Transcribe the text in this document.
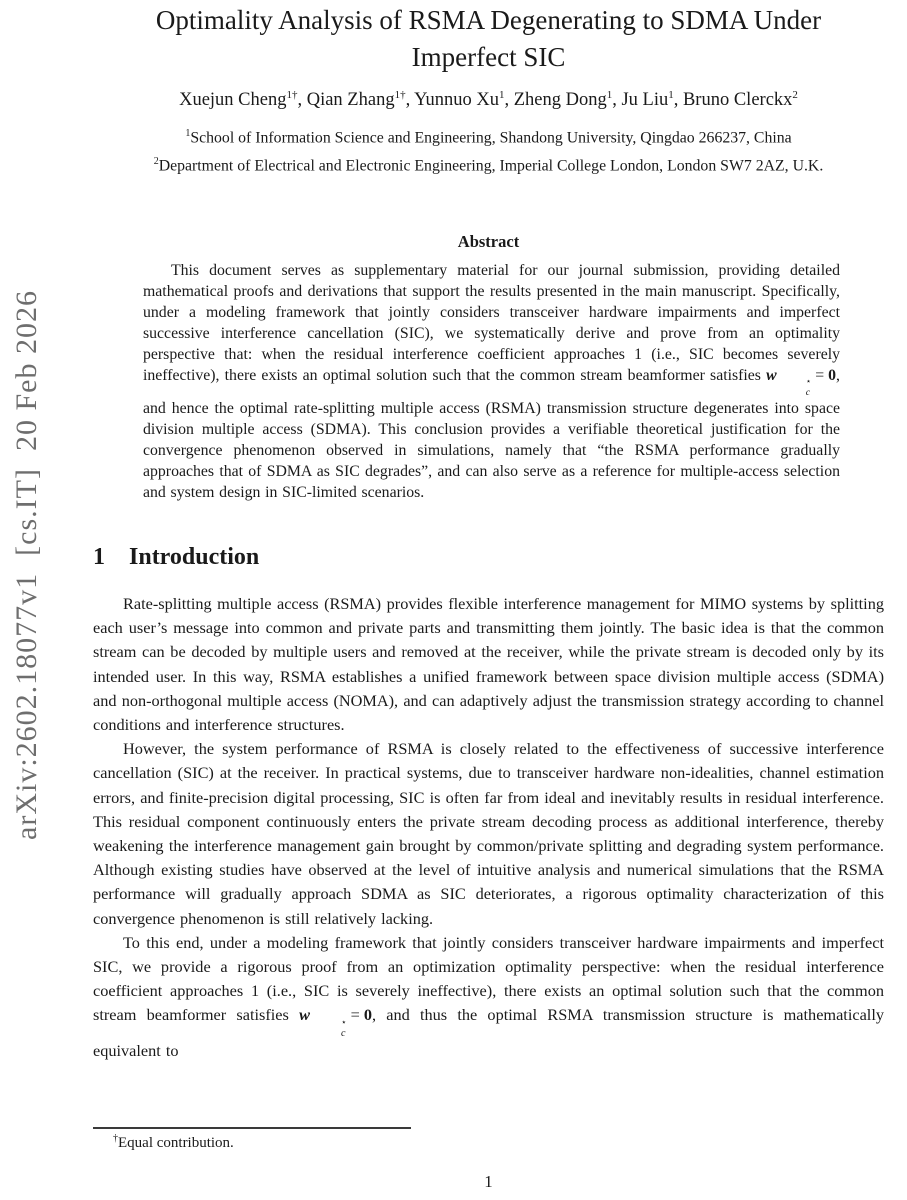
arXiv:2602.18077v1  [cs.IT]  20 Feb 2026
Optimality Analysis of RSMA Degenerating to SDMA Under
Imperfect SIC
Xuejun Cheng$^{1\dagger}$, Qian Zhang$^{1\dagger}$, Yunnuo Xu$^1$, Zheng Dong$^1$, Ju Liu$^1$, Bruno Clerckx$^2$
$^1$School of Information Science and Engineering, Shandong University, Qingdao 266237, China
$^2$Department of Electrical and Electronic Engineering, Imperial College London, London SW7 2AZ, U.K.
Abstract

This document serves as supplementary material for our journal submission, providing detailed mathematical proofs and derivations that support the results presented in the main manuscript. Specifically, under a modeling framework that jointly considers transceiver hardware impairments and imperfect successive interference cancellation (SIC), we systematically derive and prove from an optimality perspective that: when the residual interference coefficient approaches 1 (i.e., SIC becomes severely ineffective), there exists an optimal solution such that the common stream beamformer satisfies w	⋆
c
= 0, and hence the optimal rate-splitting multiple access (RSMA) transmission structure degenerates into space division multiple access (SDMA). This conclusion provides a verifiable theoretical justification for the convergence phenomenon observed in simulations, namely that “the RSMA performance gradually approaches that of SDMA as SIC degrades”, and can also serve as a reference for multiple-access selection and system design in SIC-limited scenarios.

1 Introduction

Rate-splitting multiple access (RSMA) provides flexible interference management for MIMO systems by splitting each user’s message into common and private parts and transmitting them jointly. The basic idea is that the common stream can be decoded by multiple users and removed at the receiver, while the private stream is decoded only by its intended user. In this way, RSMA establishes a unified framework between space division multiple access (SDMA) and non-orthogonal multiple access (NOMA), and can adaptively adjust the transmission strategy according to channel conditions and interference structures.

However, the system performance of RSMA is closely related to the effectiveness of successive interference cancellation (SIC) at the receiver. In practical systems, due to transceiver hardware non-idealities, channel estimation errors, and finite-precision digital processing, SIC is often far from ideal and inevitably results in residual interference. This residual component continuously enters the private stream decoding process as additional interference, thereby weakening the interference management gain brought by common/private splitting and degrading system performance. Although existing studies have observed at the level of intuitive analysis and numerical simulations that the RSMA performance will gradually approach SDMA as SIC deteriorates, a rigorous optimality characterization of this convergence phenomenon is still relatively lacking.

To this end, under a modeling framework that jointly considers transceiver hardware impairments and imperfect SIC, we provide a rigorous proof from an optimization optimality perspective: when the residual interference coefficient approaches 1 (i.e., SIC is severely ineffective), there exists an optimal solution such that the common stream beamformer satisfies w	⋆
c
= 0, and thus the optimal RSMA transmission structure is mathematically equivalent to

†Equal contribution.
1
